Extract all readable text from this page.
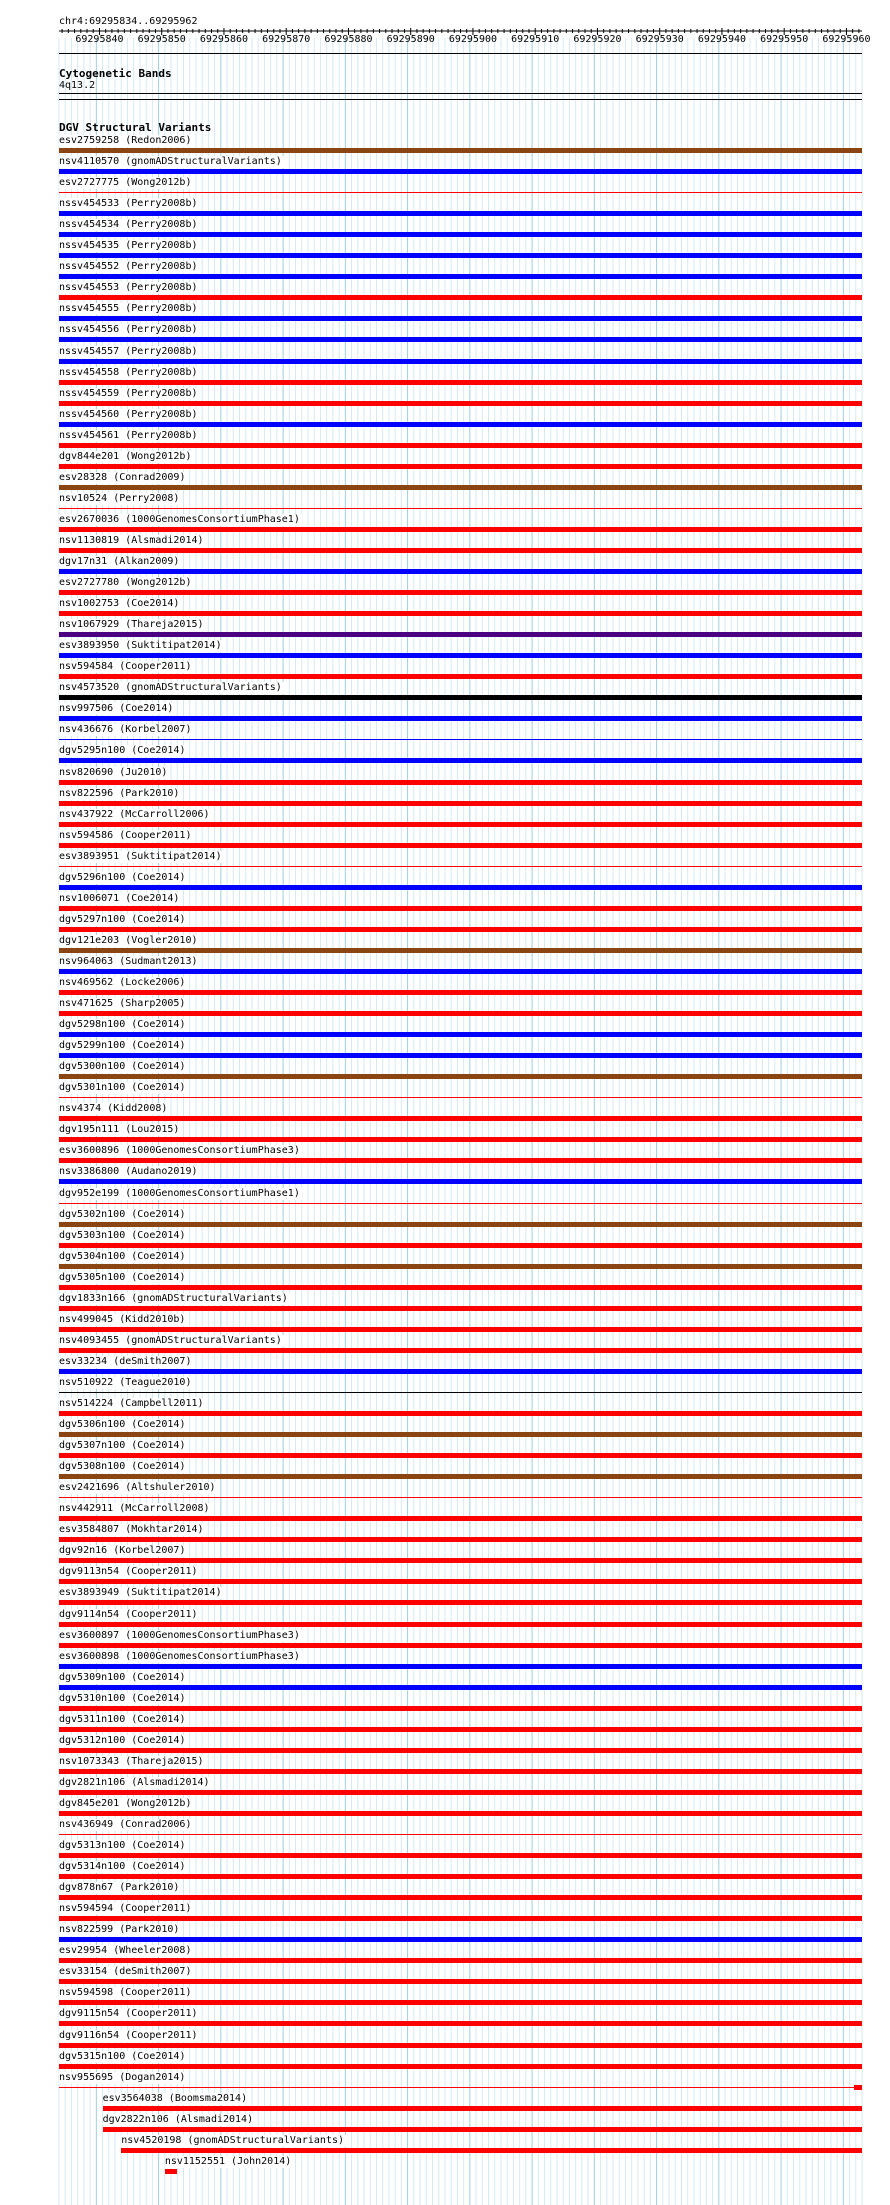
chr4:69295834..69295962
69295840 69295850 69295860 69295870 69295880 69295890 69295900 69295910 69295920 69295930 69295940 69295950 69295960
Cytogenetic Bands
4q13.2
DGV Structural Variants
esv2759258 (Redon2006)
nsv4110570 (gnomADStructuralVariants)
esv2727775 (Wong2012b)
nssv454533 (Perry2008b)
nssv454534 (Perry2008b)
nssv454535 (Perry2008b)
nssv454552 (Perry2008b)
nssv454553 (Perry2008b)
nssv454555 (Perry2008b)
nssv454556 (Perry2008b)
nssv454557 (Perry2008b)
nssv454558 (Perry2008b)
nssv454559 (Perry2008b)
nssv454560 (Perry2008b)
nssv454561 (Perry2008b)
dgv844e201 (Wong2012b)
esv28328 (Conrad2009)
nsv10524 (Perry2008)
esv2670036 (1000GenomesConsortiumPhase1)
nsv1130819 (Alsmadi2014)
dgv17n31 (Alkan2009)
esv2727780 (Wong2012b)
nsv1002753 (Coe2014)
nsv1067929 (Thareja2015)
esv3893950 (Suktitipat2014)
nsv594584 (Cooper2011)
nsv4573520 (gnomADStructuralVariants)
nsv997506 (Coe2014)
nsv436676 (Korbel2007)
dgv5295n100 (Coe2014)
nsv820690 (Ju2010)
nsv822596 (Park2010)
nsv437922 (McCarroll2006)
nsv594586 (Cooper2011)
esv3893951 (Suktitipat2014)
dgv5296n100 (Coe2014)
nsv1006071 (Coe2014)
dgv5297n100 (Coe2014)
dgv121e203 (Vogler2010)
nsv964063 (Sudmant2013)
nsv469562 (Locke2006)
nsv471625 (Sharp2005)
dgv5298n100 (Coe2014)
dgv5299n100 (Coe2014)
dgv5300n100 (Coe2014)
dgv5301n100 (Coe2014)
nsv4374 (Kidd2008)
dgv195n111 (Lou2015)
esv3600896 (1000GenomesConsortiumPhase3)
nsv3386800 (Audano2019)
dgv952e199 (1000GenomesConsortiumPhase1)
dgv5302n100 (Coe2014)
dgv5303n100 (Coe2014)
dgv5304n100 (Coe2014)
dgv5305n100 (Coe2014)
dgv1833n166 (gnomADStructuralVariants)
nsv499045 (Kidd2010b)
nsv4093455 (gnomADStructuralVariants)
esv33234 (deSmith2007)
nsv510922 (Teague2010)
nsv514224 (Campbell2011)
dgv5306n100 (Coe2014)
dgv5307n100 (Coe2014)
dgv5308n100 (Coe2014)
esv2421696 (Altshuler2010)
nsv442911 (McCarroll2008)
esv3584807 (Mokhtar2014)
dgv92n16 (Korbel2007)
dgv9113n54 (Cooper2011)
esv3893949 (Suktitipat2014)
dgv9114n54 (Cooper2011)
esv3600897 (1000GenomesConsortiumPhase3)
esv3600898 (1000GenomesConsortiumPhase3)
dgv5309n100 (Coe2014)
dgv5310n100 (Coe2014)
dgv5311n100 (Coe2014)
dgv5312n100 (Coe2014)
nsv1073343 (Thareja2015)
dgv2821n106 (Alsmadi2014)
dgv845e201 (Wong2012b)
nsv436949 (Conrad2006)
dgv5313n100 (Coe2014)
dgv5314n100 (Coe2014)
dgv878n67 (Park2010)
nsv594594 (Cooper2011)
nsv822599 (Park2010)
esv29954 (Wheeler2008)
esv33154 (deSmith2007)
nsv594598 (Cooper2011)
dgv9115n54 (Cooper2011)
dgv9116n54 (Cooper2011)
dgv5315n100 (Coe2014)
nsv955695 (Dogan2014)
esv3564038 (Boomsma2014)
dgv2822n106 (Alsmadi2014)
nsv4520198 (gnomADStructuralVariants)
nsv1152551 (John2014)
